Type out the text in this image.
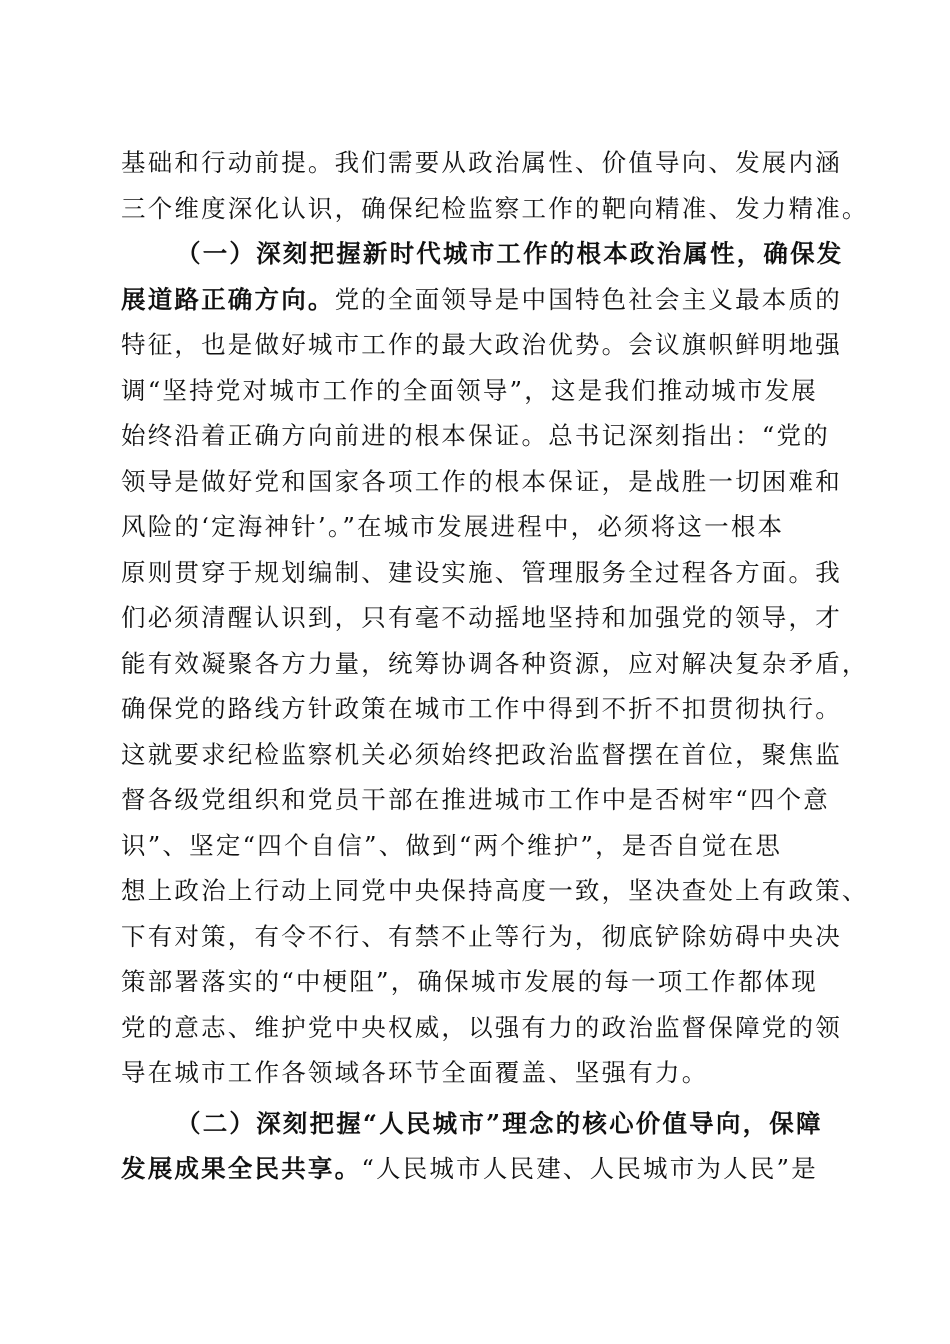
基础和行动前提。我们需要从政治属性、价值导向、发展内涵
三个维度深化认识，确保纪检监察工作的靶向精准、发力精准。
（一）深刻把握新时代城市工作的根本政治属性，确保发
展道路正确方向。党的全面领导是中国特色社会主义最本质的
特征，也是做好城市工作的最大政治优势。会议旗帜鲜明地强
调“坚持党对城市工作的全面领导”，这是我们推动城市发展
始终沿着正确方向前进的根本保证。总书记深刻指出：“党的
领导是做好党和国家各项工作的根本保证，是战胜一切困难和
风险的‘定海神针’。”在城市发展进程中，必须将这一根本
原则贯穿于规划编制、建设实施、管理服务全过程各方面。我
们必须清醒认识到，只有毫不动摇地坚持和加强党的领导，才
能有效凝聚各方力量，统筹协调各种资源，应对解决复杂矛盾，
确保党的路线方针政策在城市工作中得到不折不扣贯彻执行。
这就要求纪检监察机关必须始终把政治监督摆在首位，聚焦监
督各级党组织和党员干部在推进城市工作中是否树牢“四个意
识”、坚定“四个自信”、做到“两个维护”，是否自觉在思
想上政治上行动上同党中央保持高度一致，坚决查处上有政策、
下有对策，有令不行、有禁不止等行为，彻底铲除妨碍中央决
策部署落实的“中梗阻”，确保城市发展的每一项工作都体现
党的意志、维护党中央权威，以强有力的政治监督保障党的领
导在城市工作各领域各环节全面覆盖、坚强有力。
（二）深刻把握“人民城市”理念的核心价值导向，保障
发展成果全民共享。“人民城市人民建、人民城市为人民”是
